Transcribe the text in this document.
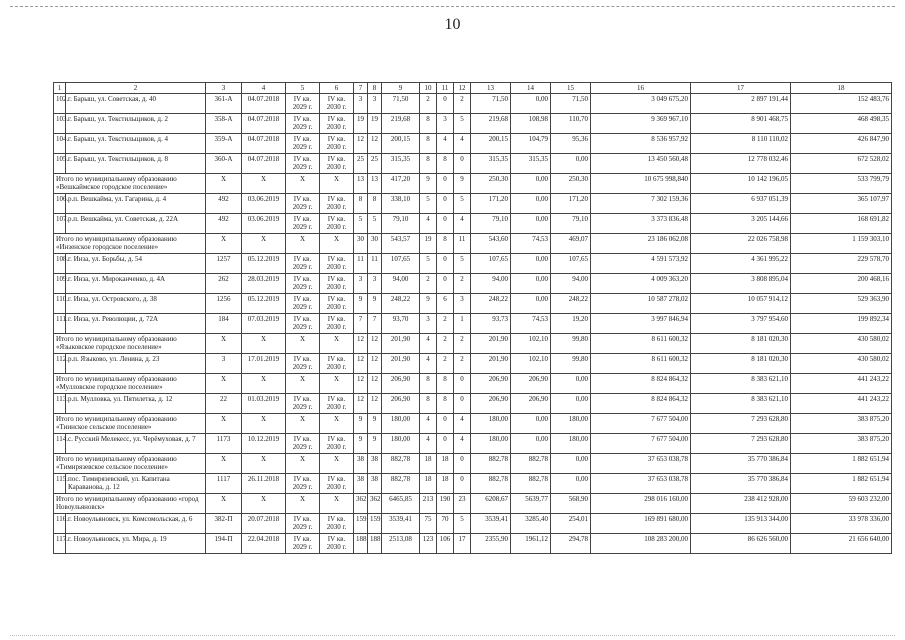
10
1	2	3	4	5	6	7	8	9	10	11	12	13	14	15	16	17	18
102.	г. Барыш, ул. Советская, д. 40	361-А	04.07.2018	IV кв. 2029 г.	IV кв. 2030 г.	3	3	71,50	2	0	2	71,50	0,00	71,50	3 049 675,20	2 897 191,44	152 483,76
103.	г. Барыш, ул. Текстильщиков, д. 2	358-А	04.07.2018	IV кв. 2029 г.	IV кв. 2030 г.	19	19	219,68	8	3	5	219,68	108,98	110,70	9 369 967,10	8 901 468,75	468 498,35
104.	г. Барыш, ул. Текстильщиков, д. 4	359-А	04.07.2018	IV кв. 2029 г.	IV кв. 2030 г.	12	12	200,15	8	4	4	200,15	104,79	95,36	8 536 957,92	8 110 110,02	426 847,90
105.	г. Барыш, ул. Текстильщиков, д. 8	360-А	04.07.2018	IV кв. 2029 г.	IV кв. 2030 г.	25	25	315,35	8	8	0	315,35	315,35	0,00	13 450 560,48	12 778 032,46	672 528,02
Итого по муниципальному образованию «Вешкаймское городское поселение»		X	X	X	X	13	13	417,20	9	0	9	250,30	0,00	250,30	10 675 998,840	10 142 196,05	533 799,79
106.	р.п. Вешкайма, ул. Гагарина, д. 4	492	03.06.2019	IV кв. 2029 г.	IV кв. 2030 г.	8	8	338,10	5	0	5	171,20	0,00	171,20	7 302 159,36	6 937 051,39	365 107,97
107.	р.п. Вешкайма, ул. Советская, д. 22А	492	03.06.2019	IV кв. 2029 г.	IV кв. 2030 г.	5	5	79,10	4	0	4	79,10	0,00	79,10	3 373 836,48	3 205 144,66	168 691,82
Итого по муниципальному образованию «Инзенское городское поселение»		X	X	X	X	30	30	543,57	19	8	11	543,60	74,53	469,07	23 186 062,08	22 026 758,98	1 159 303,10
108.	г. Инза, ул. Борьбы, д. 54	1257	05.12.2019	IV кв. 2029 г.	IV кв. 2030 г.	11	11	107,65	5	0	5	107,65	0,00	107,65	4 591 573,92	4 361 995,22	229 578,70
109.	г. Инза, ул. Мироканченко, д. 4А	262	28.03.2019	IV кв. 2029 г.	IV кв. 2030 г.	3	3	94,00	2	0	2	94,00	0,00	94,00	4 009 363,20	3 808 895,04	200 468,16
110.	г. Инза, ул. Островского, д. 38	1256	05.12.2019	IV кв. 2029 г.	IV кв. 2030 г.	9	9	248,22	9	6	3	248,22	0,00	248,22	10 587 278,02	10 057 914,12	529 363,90
111.	г. Инза, ул. Революции, д. 72А	184	07.03.2019	IV кв. 2029 г.	IV кв. 2030 г.	7	7	93,70	3	2	1	93,73	74,53	19,20	3 997 846,94	3 797 954,60	199 892,34
Итого по муниципальному образованию «Языковское городское поселение»		X	X	X	X	12	12	201,90	4	2	2	201,90	102,10	99,80	8 611 600,32	8 181 020,30	430 580,02
112.	р.п. Языково, ул. Ленина, д. 23	3	17.01.2019	IV кв. 2029 г.	IV кв. 2030 г.	12	12	201,90	4	2	2	201,90	102,10	99,80	8 611 600,32	8 181 020,30	430 580,02
Итого по муниципальному образованию «Мулловское городское поселение»		X	X	X	X	12	12	206,90	8	8	0	206,90	206,90	0,00	8 824 864,32	8 383 621,10	441 243,22
113.	р.п. Мулловка, ул. Пятилетка, д. 12	22	01.03.2019	IV кв. 2029 г.	IV кв. 2030 г.	12	12	206,90	8	8	0	206,90	206,90	0,00	8 824 864,32	8 383 621,10	441 243,22
Итого по муниципальному образованию «Тиинское сельское поселение»		X	X	X	X	9	9	180,00	4	0	4	180,00	0,00	180,00	7 677 504,00	7 293 628,80	383 875,20
114.	с. Русский Мелекесс, ул. Черёмуховая, д. 7	1173	10.12.2019	IV кв. 2029 г.	IV кв. 2030 г.	9	9	180,00	4	0	4	180,00	0,00	180,00	7 677 504,00	7 293 628,80	383 875,20
Итого по муниципальному образованию «Тимирязевское сельское поселение»		X	X	X	X	38	38	882,78	18	18	0	882,78	882,78	0,00	37 653 038,78	35 770 386,84	1 882 651,94
115.	пос. Тимирязевский, ул. Капитана Караванова, д. 12	1117	26.11.2018	IV кв. 2029 г.	IV кв. 2030 г.	38	38	882,78	18	18	0	882,78	882,78	0,00	37 653 038,78	35 770 386,84	1 882 651,94
Итого по муниципальному образованию «город Новоульяновск»		X	X	X	X	362	362	6465,85	213	190	23	6208,67	5639,77	568,90	298 016 160,00	238 412 928,00	59 603 232,00
116.	г. Новоульяновск, ул. Комсомольская, д. 6	382-П	20.07.2018	IV кв. 2029 г.	IV кв. 2030 г.	159	159	3539,41	75	70	5	3539,41	3285,40	254,01	169 891 680,00	135 913 344,00	33 978 336,00
117.	г. Новоульяновск, ул. Мира, д. 19	194-П	22.04.2018	IV кв. 2029 г.	IV кв. 2030 г.	188	188	2513,08	123	106	17	2355,90	1961,12	294,78	108 283 200,00	86 626 560,00	21 656 640,00
